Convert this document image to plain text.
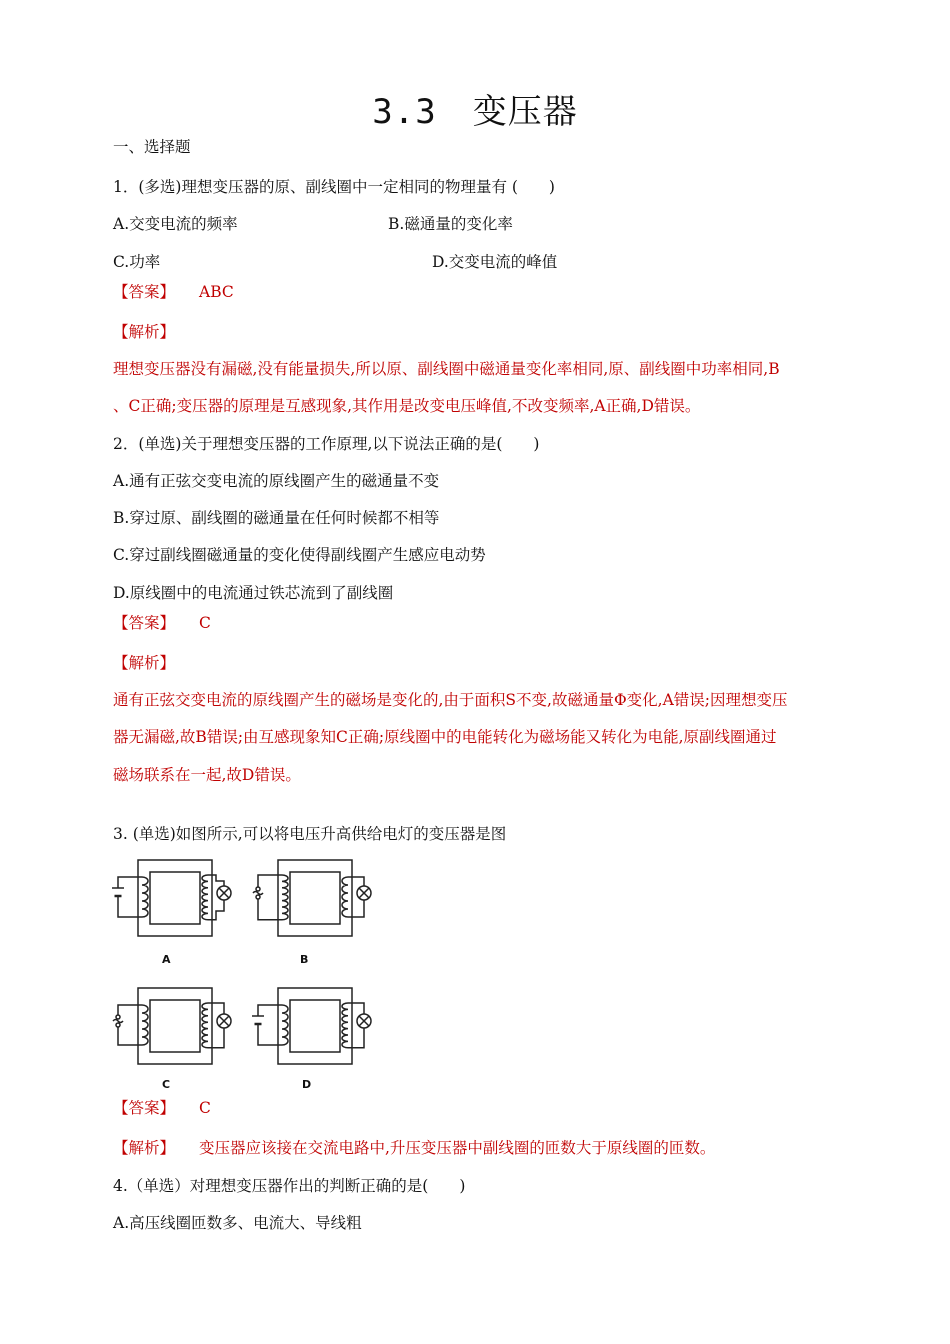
3.3 变压器
一、选择题
1．(多选)理想变压器的原、副线圈中一定相同的物理量有 (　　)
A.交变电流的频率	B.磁通量的变化率
C.功率	D.交变电流的峰值
【答案】 ABC
【解析】
理想变压器没有漏磁,没有能量损失,所以原、副线圈中磁通量变化率相同,原、副线圈中功率相同,B
、C正确;变压器的原理是互感现象,其作用是改变电压峰值,不改变频率,A正确,D错误。
2．(单选)关于理想变压器的工作原理,以下说法正确的是(　　)
A.通有正弦交变电流的原线圈产生的磁通量不变
B.穿过原、副线圈的磁通量在任何时候都不相等
C.穿过副线圈磁通量的变化使得副线圈产生感应电动势
D.原线圈中的电流通过铁芯流到了副线圈
【答案】 C
【解析】
通有正弦交变电流的原线圈产生的磁场是变化的,由于面积S不变,故磁通量Φ变化,A错误;因理想变压
器无漏磁,故B错误;由互感现象知C正确;原线圈中的电能转化为磁场能又转化为电能,原副线圈通过
磁场联系在一起,故D错误。
3. (单选)如图所示,可以将电压升高供给电灯的变压器是图
A	B
C	D
【答案】 C
【解析】 变压器应该接在交流电路中,升压变压器中副线圈的匝数大于原线圈的匝数。
4.（单选）对理想变压器作出的判断正确的是(　　)
A.高压线圈匝数多、电流大、导线粗
